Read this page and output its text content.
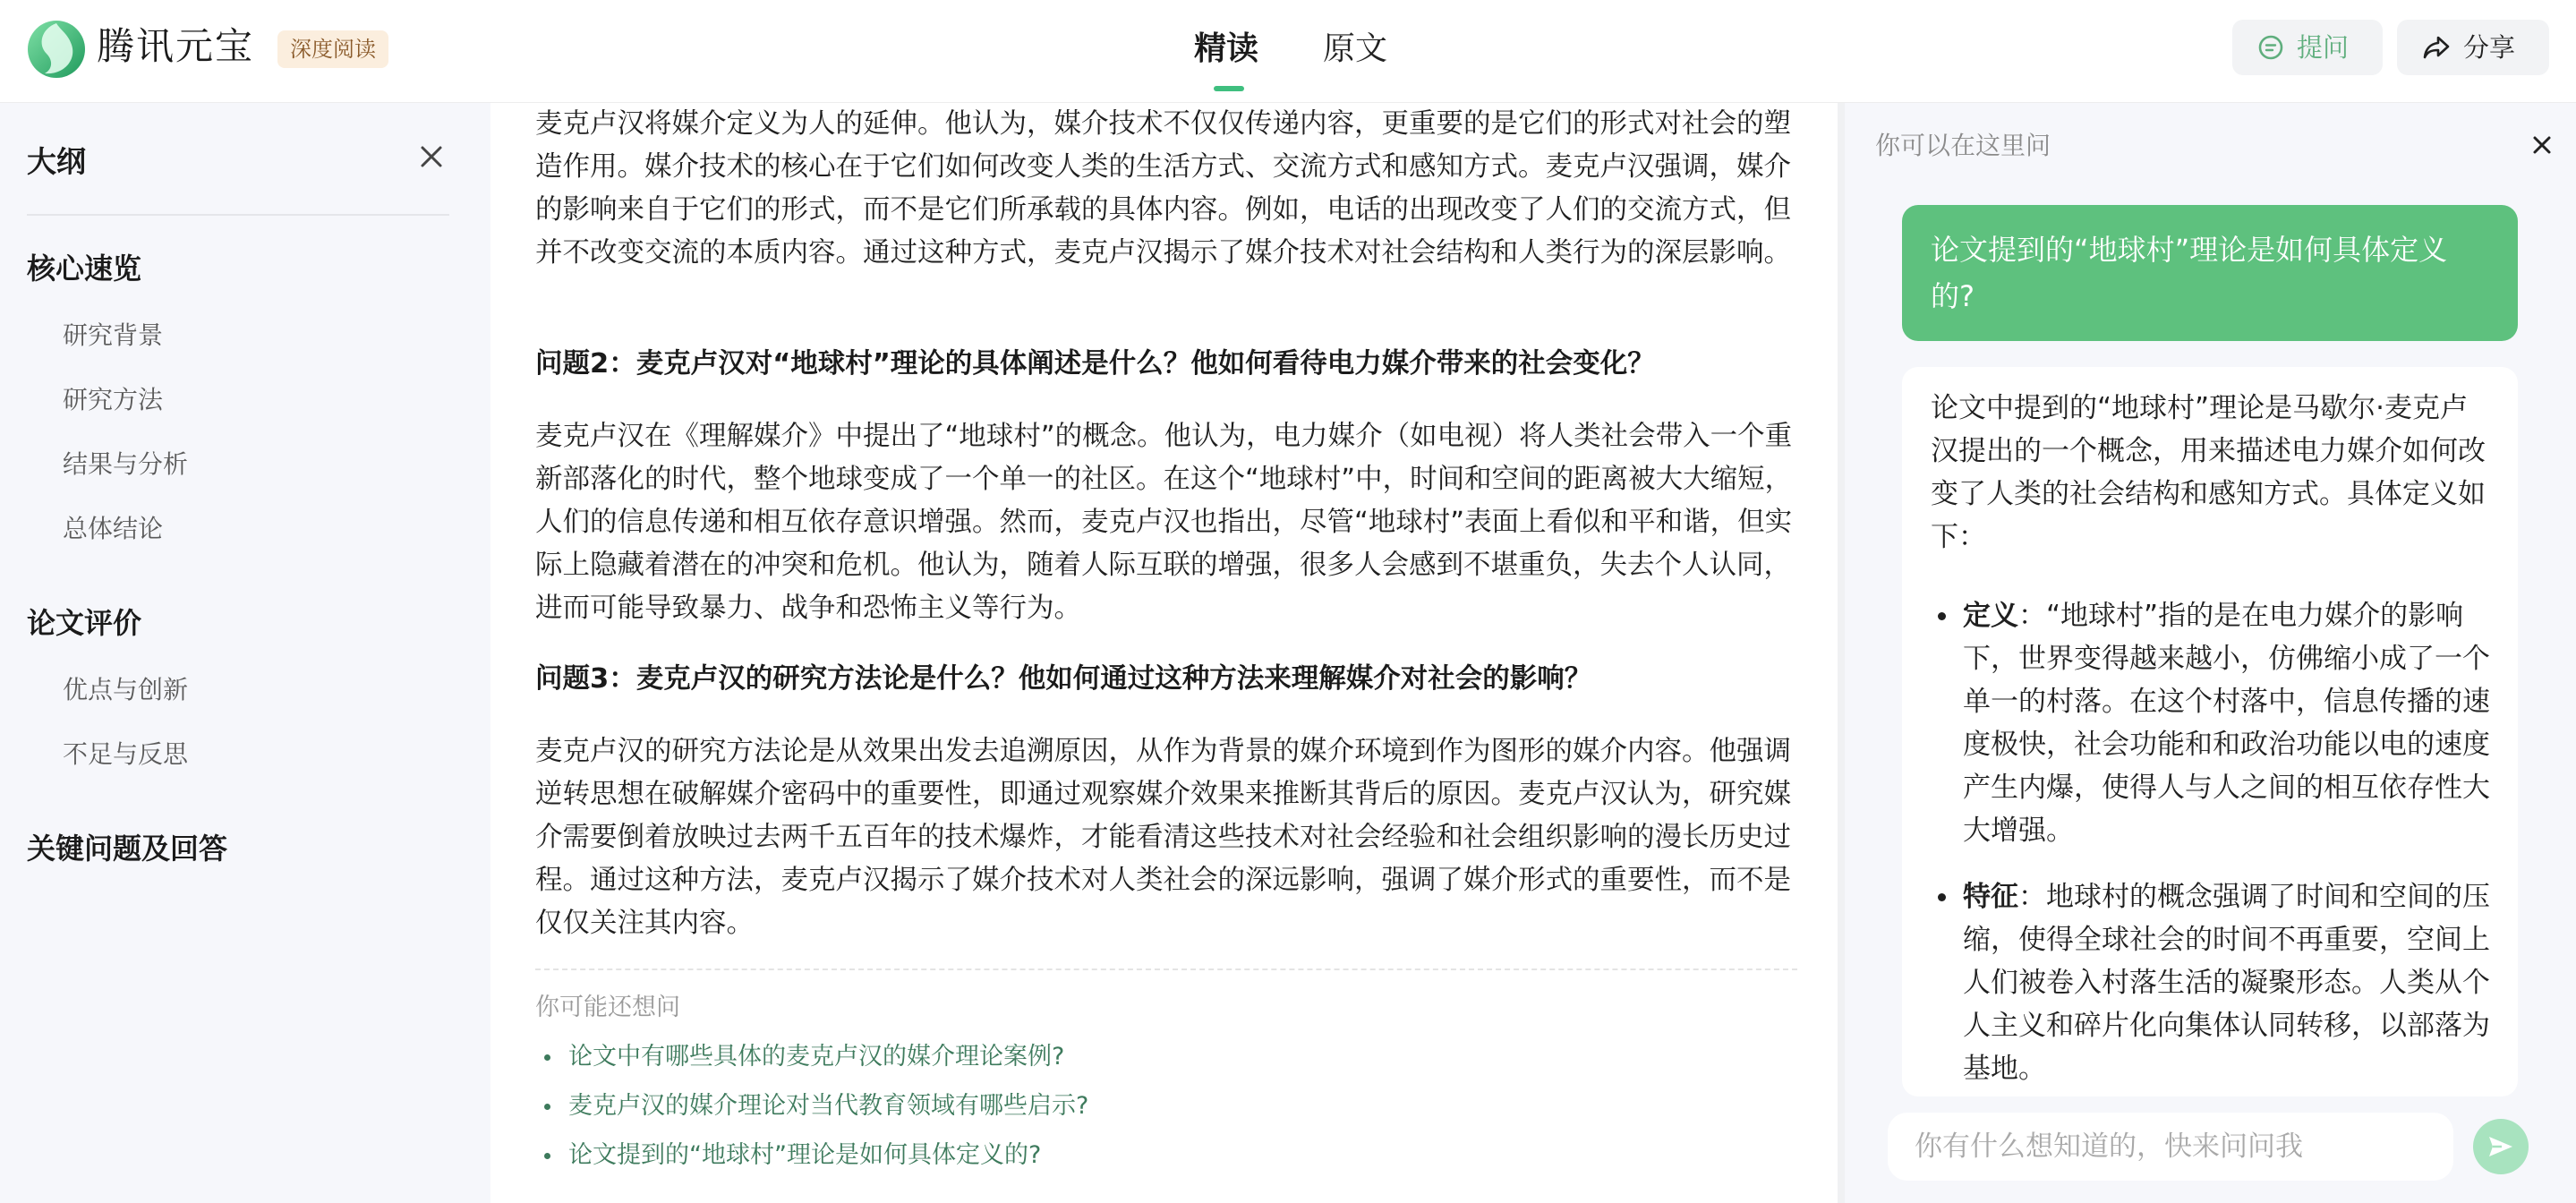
腾讯元宝	深度阅读	精读 原文	提问	分享
大纲
核心速览
研究背景
研究方法
结果与分析
总体结论
论文评价
优点与创新
不足与反思
关键问题及回答

麦克卢汉将媒介定义为人的延伸。他认为，媒介技术不仅仅传递内容，更重要的是它们的形式对社会的塑造作用。媒介技术的核心在于它们如何改变人类的生活方式、交流方式和感知方式。麦克卢汉强调，媒介的影响来自于它们的形式，而不是它们所承载的具体内容。例如，电话的出现改变了人们的交流方式，但并不改变交流的本质内容。通过这种方式，麦克卢汉揭示了媒介技术对社会结构和人类行为的深层影响。

问题2：麦克卢汉对“地球村”理论的具体阐述是什么？他如何看待电力媒介带来的社会变化？

麦克卢汉在《理解媒介》中提出了“地球村”的概念。他认为，电力媒介（如电视）将人类社会带入一个重新部落化的时代，整个地球变成了一个单一的社区。在这个“地球村”中，时间和空间的距离被大大缩短，人们的信息传递和相互依存意识增强。然而，麦克卢汉也指出，尽管“地球村”表面上看似和平和谐，但实际上隐藏着潜在的冲突和危机。他认为，随着人际互联的增强，很多人会感到不堪重负，失去个人认同，进而可能导致暴力、战争和恐怖主义等行为。

问题3：麦克卢汉的研究方法论是什么？他如何通过这种方法来理解媒介对社会的影响？

麦克卢汉的研究方法论是从效果出发去追溯原因，从作为背景的媒介环境到作为图形的媒介内容。他强调逆转思想在破解媒介密码中的重要性，即通过观察媒介效果来推断其背后的原因。麦克卢汉认为，研究媒介需要倒着放映过去两千五百年的技术爆炸，才能看清这些技术对社会经验和社会组织影响的漫长历史过程。通过这种方法，麦克卢汉揭示了媒介技术对人类社会的深远影响，强调了媒介形式的重要性，而不是仅仅关注其内容。

你可能还想问
论文中有哪些具体的麦克卢汉的媒介理论案例?
麦克卢汉的媒介理论对当代教育领域有哪些启示?
论文提到的“地球村”理论是如何具体定义的?
你可以在这里问
论文提到的“地球村”理论是如何具体定义的?

论文中提到的“地球村”理论是马歇尔·麦克卢汉提出的一个概念，用来描述电力媒介如何改变了人类的社会结构和感知方式。具体定义如下：

定义：“地球村”指的是在电力媒介的影响下，世界变得越来越小，仿佛缩小成了一个单一的村落。在这个村落中，信息传播的速度极快，社会功能和和政治功能以电的速度产生内爆，使得人与人之间的相互依存性大大增强。

特征：地球村的概念强调了时间和空间的压缩，使得全球社会的时间不再重要，空间上人们被卷入村落生活的凝聚形态。人类从个人主义和碎片化向集体认同转移，以部落为基地。

你有什么想知道的，快来问问我
